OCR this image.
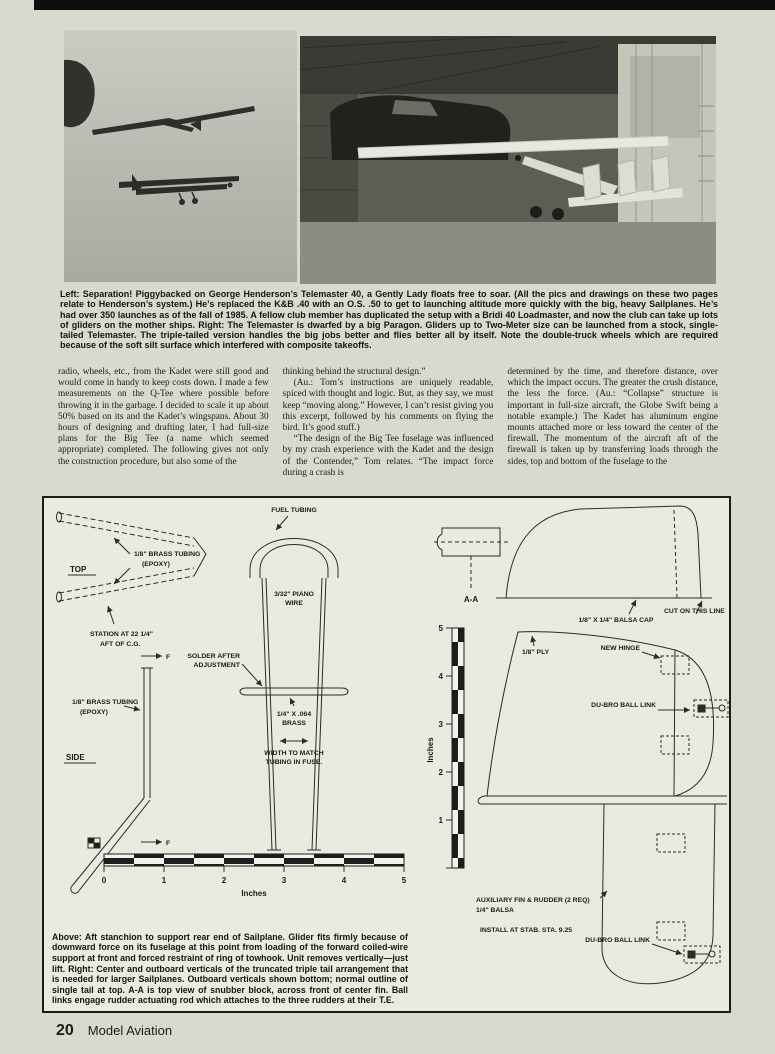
Left: Separation! Piggybacked on George Henderson’s Telemaster 40, a Gently Lady floats free to soar. (All the pics and drawings on these two pages relate to Henderson’s system.) He’s replaced the K&B .40 with an O.S. .50 to get to launching altitude more quickly with the big, heavy Sailplanes. He’s had over 350 launches as of the fall of 1985. A fellow club member has duplicated the setup with a Bridi 40 Loadmaster, and now the club can take up lots of gliders on the mother ships. Right: The Telemaster is dwarfed by a big Paragon. Gliders up to Two-Meter size can be launched from a stock, single-tailed Telemaster. The triple-tailed version handles the big jobs better and flies better all by itself. Note the double-truck wheels which are required because of the soft silt surface which interfered with composite takeoffs.

radio, wheels, etc., from the Kadet were still good and would come in handy to keep costs down. I made a few measurements on the Q-Tee where possible before throwing it in the garbage. I decided to scale it up about 50% based on its and the Kadet’s wingspans. About 30 hours of designing and drafting later, I had full-size plans for the Big Tee (a name which seemed appropriate) completed. The following gives not only the construction procedure, but also some of the

thinking behind the structural design.”

(Au.: Tom’s instructions are uniquely readable, spiced with thought and logic. But, as they say, we must keep “moving along.” However, I can’t resist giving you this excerpt, followed by his comments on flying the bird. It’s good stuff.)

“The design of the Big Tee fuselage was influenced by my crash experience with the Kadet and the design of the Contender,” Tom relates. “The impact force during a crash is

determined by the time, and therefore distance, over which the impact occurs. The greater the crush distance, the less the force. (Au.: “Collapse” structure is important in full-size aircraft, the Globe Swift being a notable example.) The Kadet has aluminum engine mounts attached more or less toward the center of the firewall. The momentum of the aircraft aft of the firewall is taken up by transferring loads through the sides, top and bottom of the fuselage to the

TOP
1/8" BRASS TUBING
(EPOXY)
STATION AT 22 1/4"
AFT OF C.G.
F
1/8" BRASS TUBING
(EPOXY)
SIDE
F
0	1	2	3	4	5
Inches
FUEL TUBING
3/32" PIANO
WIRE
SOLDER AFTER
ADJUSTMENT
1/4" X .064
BRASS
WIDTH TO MATCH
TUBING IN FUSE.
A-A
5
4
3
2
1
Inches
1/8" X 1/4" BALSA CAP
CUT ON THIS LINE
1/8" PLY
NEW HINGE
DU-BRO BALL LINK
AUXILIARY FIN & RUDDER (2 REQ)
1/4" BALSA
INSTALL AT STAB. STA. 9.25
DU-BRO BALL LINK

Above: Aft stanchion to support rear end of Sailplane. Glider fits firmly because of downward force on its fuselage at this point from loading of the forward coiled-wire support at front and forced restraint of ring of towhook. Unit removes vertically—just lift. Right: Center and outboard verticals of the truncated triple tail arrangement that is needed for larger Sailplanes. Outboard verticals shown bottom; normal outline of single tail at top. A-A is top view of snubber block, across front of center fin. Ball links engage rudder actuating rod which attaches to the three rudders at their T.E.

20 Model Aviation
